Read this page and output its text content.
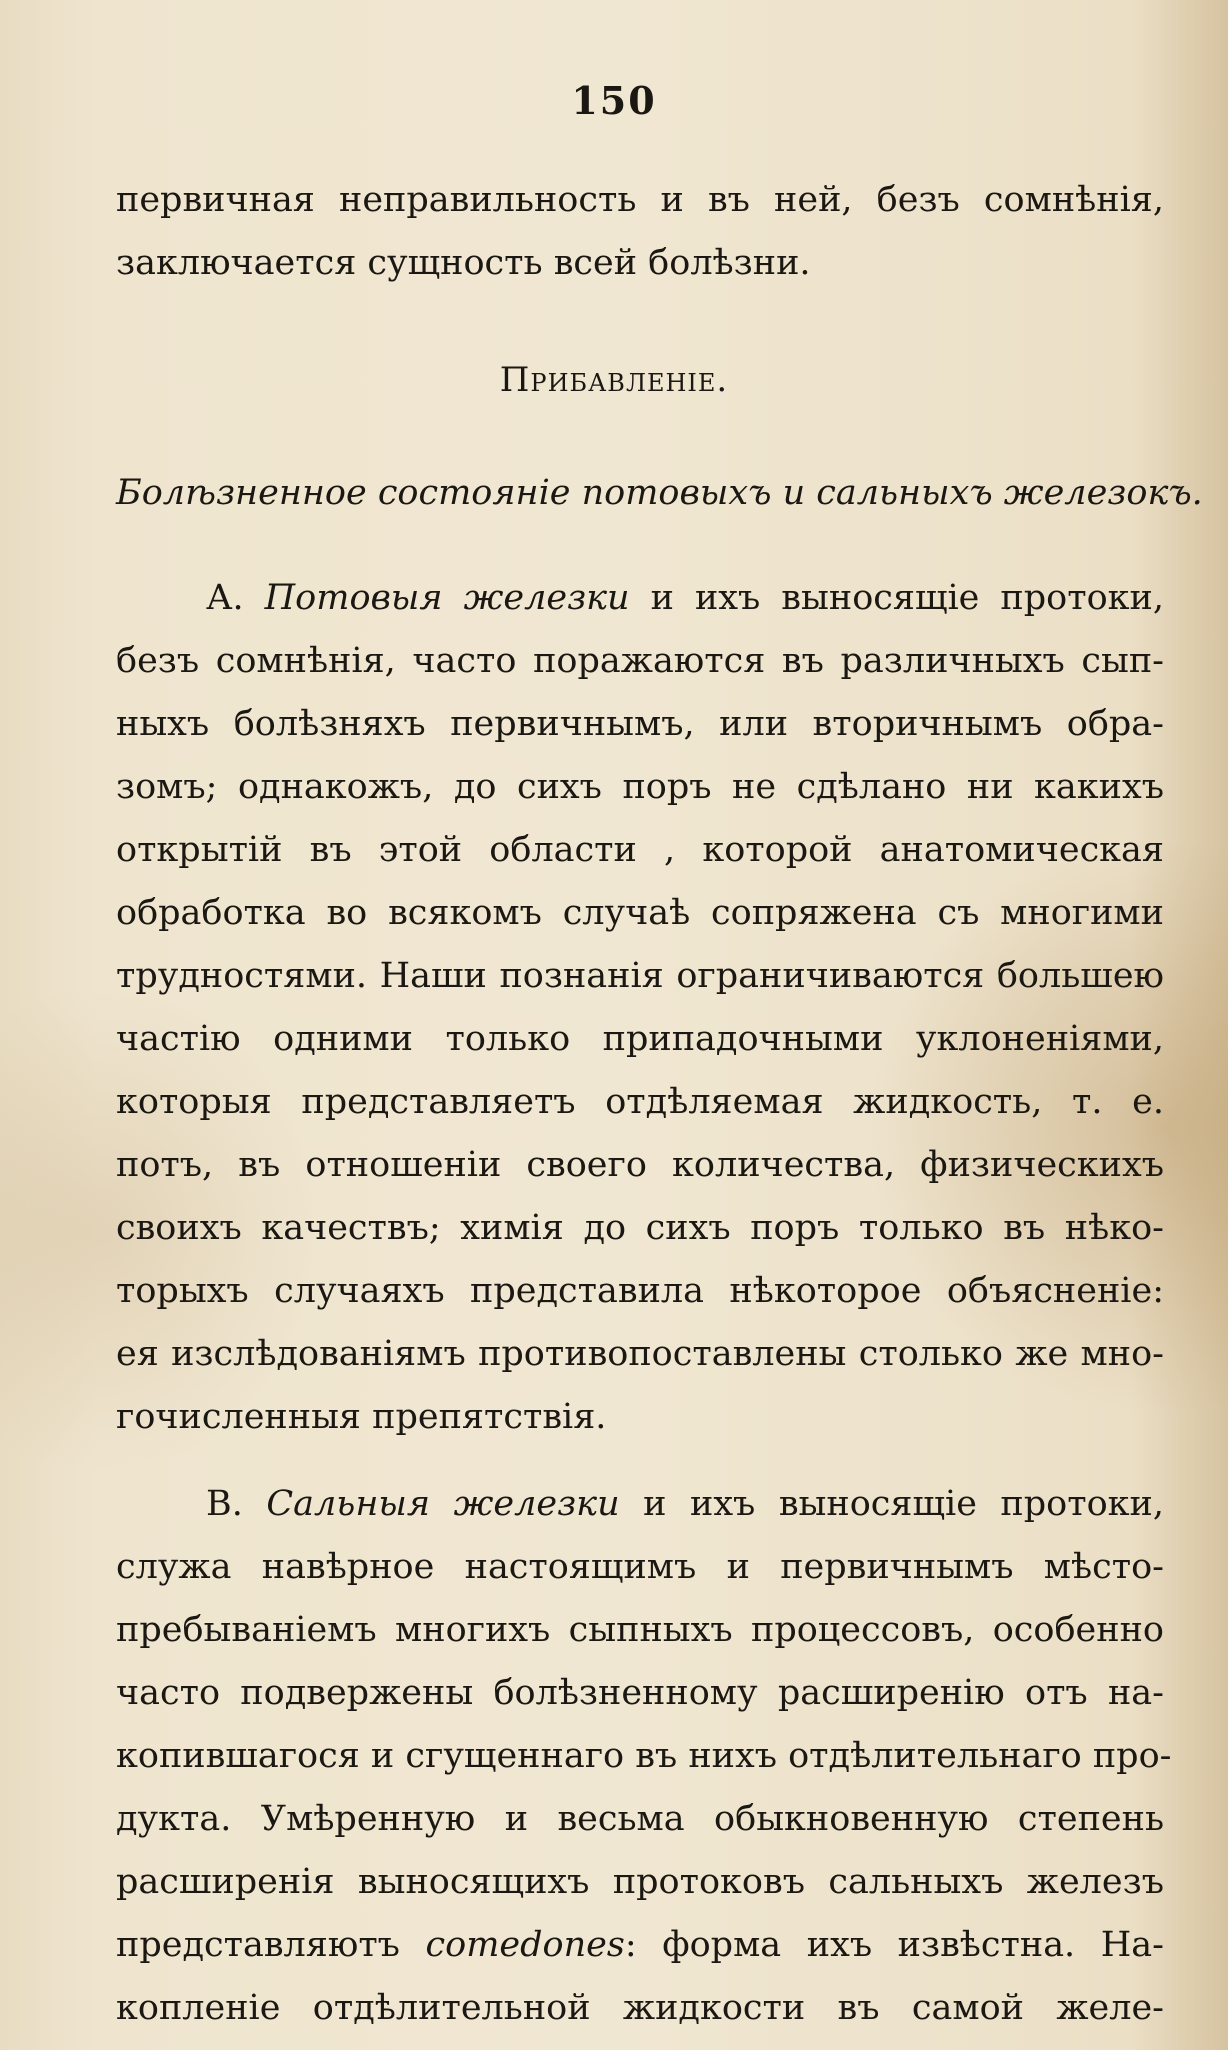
150
первичная неправильность и въ ней, безъ сомнѣнія,
заключается сущность всей болѣзни.
Прибавленіе.
Болѣзненное состояніе потовыхъ и сальныхъ железокъ.
А. Потовыя железки и ихъ выносящіе протоки,
безъ сомнѣнія, часто поражаются въ различныхъ сып-
ныхъ болѣзняхъ первичнымъ, или вторичнымъ обра-
зомъ; однакожъ, до сихъ поръ не сдѣлано ни какихъ
открытій въ этой области , которой анатомическая
обработка во всякомъ случаѣ сопряжена съ многими
трудностями. Наши познанія ограничиваются большею
частію одними только припадочными уклоненіями,
которыя представляетъ отдѣляемая жидкость, т. е.
потъ, въ отношеніи своего количества, физическихъ
своихъ качествъ; химія до сихъ поръ только въ нѣко-
торыхъ случаяхъ представила нѣкоторое объясненіе:
ея изслѣдованіямъ противопоставлены столько же мно-
гочисленныя препятствія.
В. Сальныя железки и ихъ выносящіе протоки,
служа навѣрное настоящимъ и первичнымъ мѣсто-
пребываніемъ многихъ сыпныхъ процессовъ, особенно
часто подвержены болѣзненному расширенію отъ на-
копившагося и сгущеннаго въ нихъ отдѣлительнаго про-
дукта. Умѣренную и весьма обыкновенную степень
расширенія выносящихъ протоковъ сальныхъ железъ
представляютъ comedones: форма ихъ извѣстна. На-
копленіе отдѣлительной жидкости въ самой желе-
